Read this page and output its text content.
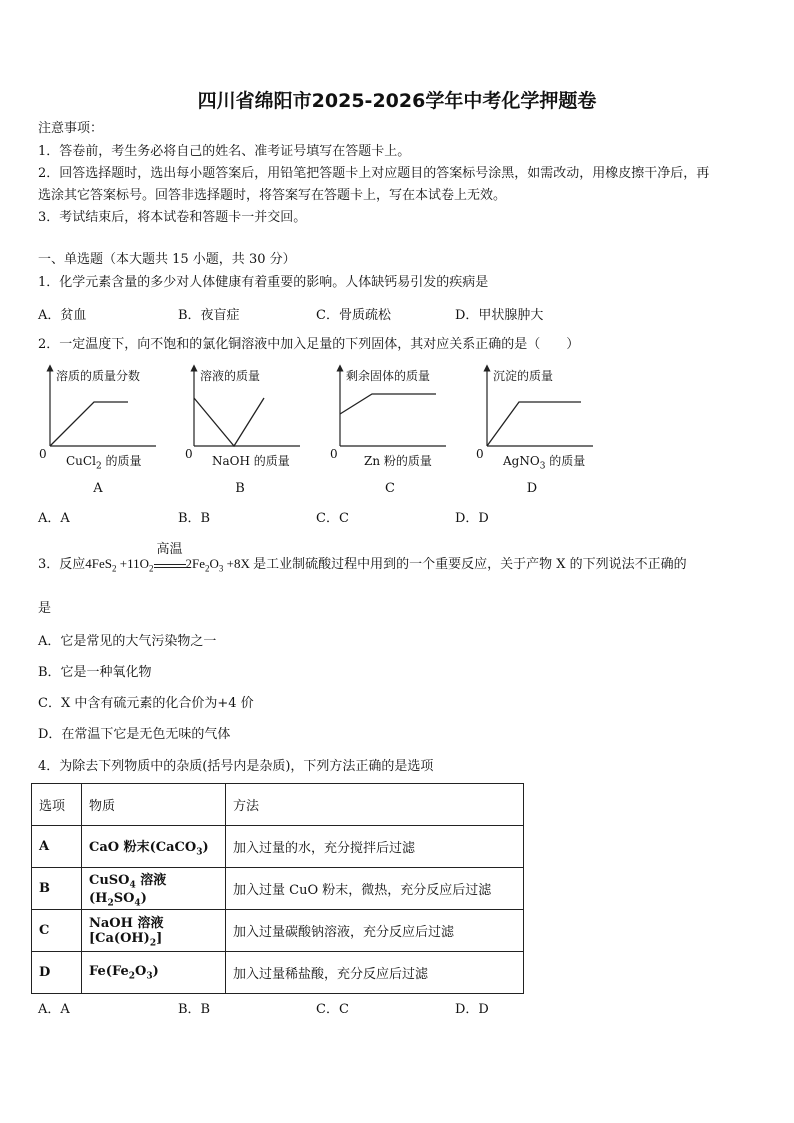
四川省绵阳市2025-2026学年中考化学押题卷
注意事项：
1．答卷前，考生务必将自己的姓名、准考证号填写在答题卡上。
2．回答选择题时，选出每小题答案后，用铅笔把答题卡上对应题目的答案标号涂黑，如需改动，用橡皮擦干净后，再
选涂其它答案标号。回答非选择题时，将答案写在答题卡上，写在本试卷上无效。
3．考试结束后，将本试卷和答题卡一并交回。
一、单选题（本大题共 15 小题，共 30 分）
1．化学元素含量的多少对人体健康有着重要的影响。人体缺钙易引发的疾病是
A．贫血	B．夜盲症	C．骨质疏松	D．甲状腺肿大
2．一定温度下，向不饱和的氯化铜溶液中加入足量的下列固体，其对应关系正确的是（　　）
溶质的质量分数
0 CuCl$_2$ 的质量
A
溶液的质量
0 NaOH 的质量
B
剩余固体的质量
0 Zn 粉的质量
C
沉淀的质量
0 AgNO$_3$ 的质量
D
A．A	B．B	C．C	D．D
3．反应$4FeS_2 +11O_2$
高温
$2Fe_2O_3 +8X$ 是工业制硫酸过程中用到的一个重要反应，关于产物 X 的下列说法不正确的
是
A．它是常见的大气污染物之一
B．它是一种氧化物
C．X 中含有硫元素的化合价为+4 价
D．在常温下它是无色无味的气体
4．为除去下列物质中的杂质(括号内是杂质)，下列方法正确的是选项
选项	物质	方法
A	CaO 粉末(CaCO$_3$)	加入过量的水，充分搅拌后过滤
B	CuSO$_4$ 溶液$(H_2SO_4)$	加入过量 CuO 粉末，微热，充分反应后过滤
C	NaOH 溶液$[Ca(OH)_2]$	加入过量碳酸钠溶液，充分反应后过滤
D	$Fe(Fe_2O_3)$	加入过量稀盐酸，充分反应后过滤
A．A	B．B	C．C	D．D
